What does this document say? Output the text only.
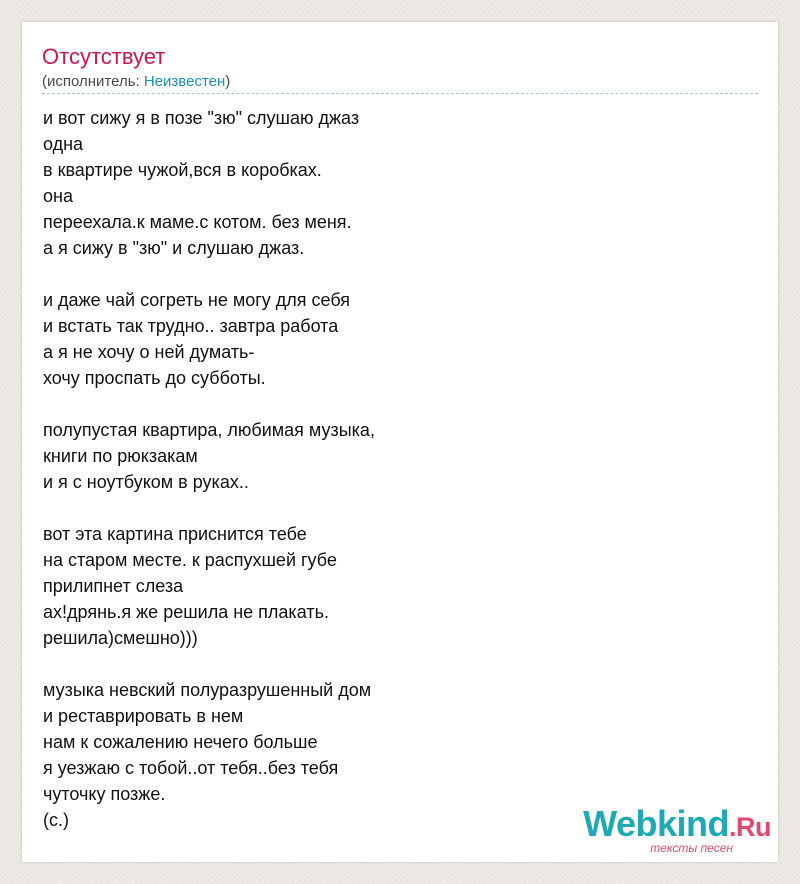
Отсутствует
(исполнитель: Неизвестен)
и вот сижу я в позе "зю" слушаю джаз
одна
в квартире чужой,вся в коробках.
она
переехала.к маме.с котом. без меня.
а я сижу в "зю" и слушаю джаз.

и даже чай согреть не могу для себя
и встать так трудно.. завтра работа
а я не хочу о ней думать-
хочу проспать до субботы.

полупустая квартира, любимая музыка,
книги по рюкзакам
и я с ноутбуком в руках..

вот эта картина приснится тебе
на старом месте. к распухшей губе
прилипнет слеза
ах!дрянь.я же решила не плакать.
решила)смешно)))

музыка невский полуразрушенный дом
и реставрировать в нем
нам к сожалению нечего больше
я уезжаю с тобой..от тебя..без тебя
чуточку позже.
(с.)	Webkind.Ru
тексты песен
